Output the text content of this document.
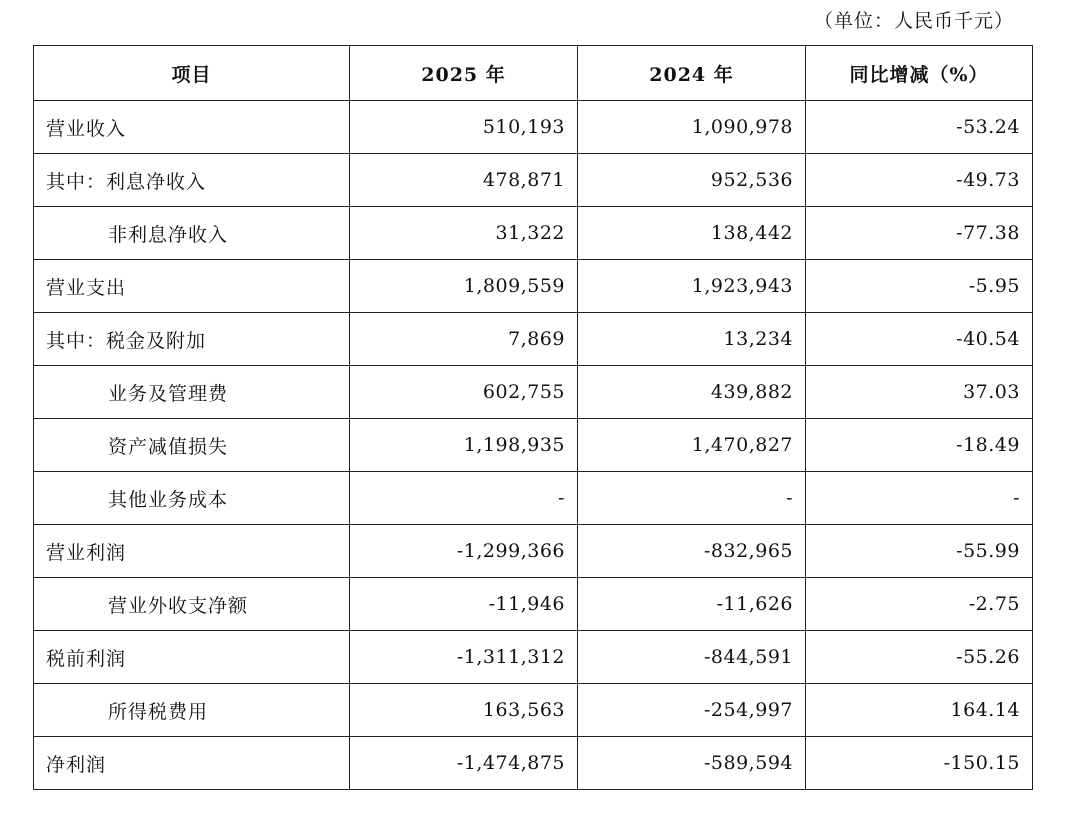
（单位：人民币千元）
项目	2025 年	2024 年	同比增减（%）
营业收入	510,193	1,090,978	-53.24
其中：利息净收入	478,871	952,536	-49.73
非利息净收入	31,322	138,442	-77.38
营业支出	1,809,559	1,923,943	-5.95
其中：税金及附加	7,869	13,234	-40.54
业务及管理费	602,755	439,882	37.03
资产减值损失	1,198,935	1,470,827	-18.49
其他业务成本	-	-	-
营业利润	-1,299,366	-832,965	-55.99
营业外收支净额	-11,946	-11,626	-2.75
税前利润	-1,311,312	-844,591	-55.26
所得税费用	163,563	-254,997	164.14
净利润	-1,474,875	-589,594	-150.15
